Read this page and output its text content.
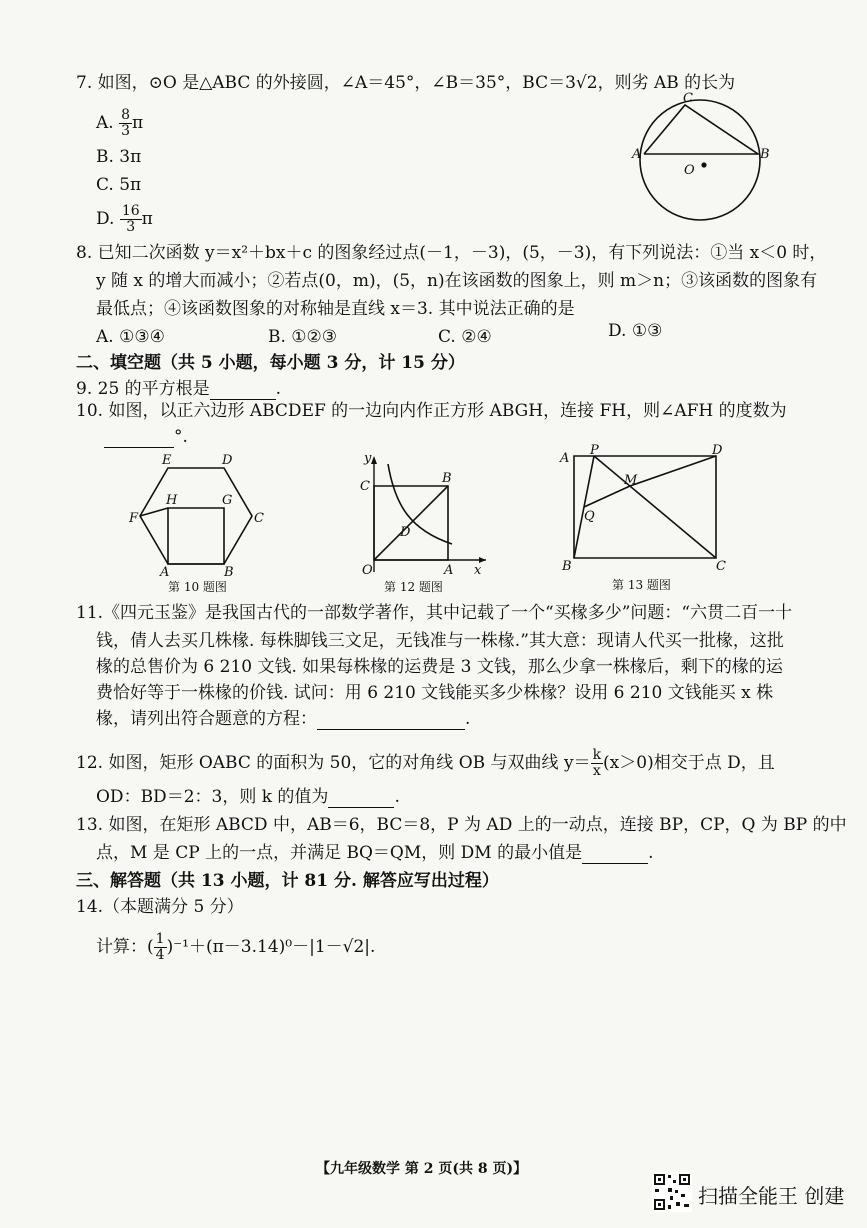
7. 如图，⊙O 是△ABC 的外接圆，∠A＝45°，∠B＝35°，BC＝3√2，则劣 AB 的长为
A. $\frac{8}{3}$ π
B. 3π
C. 5π
D. $\frac{16}{3}$ π
C
A	B
O
8. 已知二次函数 y＝x²＋bx＋c 的图象经过点(－1，－3)，(5，－3)，有下列说法：①当 x＜0 时，
y 随 x 的增大而减小；②若点(0，m)，(5，n)在该函数的图象上，则 m＞n；③该函数的图象有
最低点；④该函数图象的对称轴是直线 x＝3. 其中说法正确的是
A. ①③④	B. ①②③	C. ②④	D. ①③
二、填空题（共 5 小题，每小题 3 分，计 15 分）
9. 25 的平方根是	.
10. 如图，以正六边形 ABCDEF 的一边向内作正方形 ABGH，连接 FH，则∠AFH 的度数为
°.
E	D
H	G
F	C
A	B
第 10 题图
y
C
B
D
O	A x
第 12 题图
A
P	D
M
Q
B	C
第 13 题图
11.《四元玉鉴》是我国古代的一部数学著作，其中记载了一个“买椽多少”问题：“六贯二百一十
钱，倩人去买几株椽. 每株脚钱三文足，无钱准与一株椽.”其大意：现请人代买一批椽，这批
椽的总售价为 6 210 文钱. 如果每株椽的运费是 3 文钱，那么少拿一株椽后，剩下的椽的运
费恰好等于一株椽的价钱. 试问：用 6 210 文钱能买多少株椽？设用 6 210 文钱能买 x 株
椽，请列出符合题意的方程：	.
12. 如图，矩形 OABC 的面积为 50，它的对角线 OB 与双曲线 $y= \frac{k}{x} (x>0)$相交于点 D，且
OD：BD＝2：3，则 k 的值为	.
13. 如图，在矩形 ABCD 中，AB＝6，BC＝8，P 为 AD 上的一动点，连接 BP，CP，Q 为 BP 的中
点，M 是 CP 上的一点，并满足 BQ＝QM，则 DM 的最小值是	.
三、解答题（共 13 小题，计 81 分. 解答应写出过程）
14.（本题满分 5 分）
计算：( $\frac{1}{4} )^{-1}+(\pi-3.14)^0-|1-√2|$.
【九年级数学 第 2 页(共 8 页)】
扫描全能王 创建
